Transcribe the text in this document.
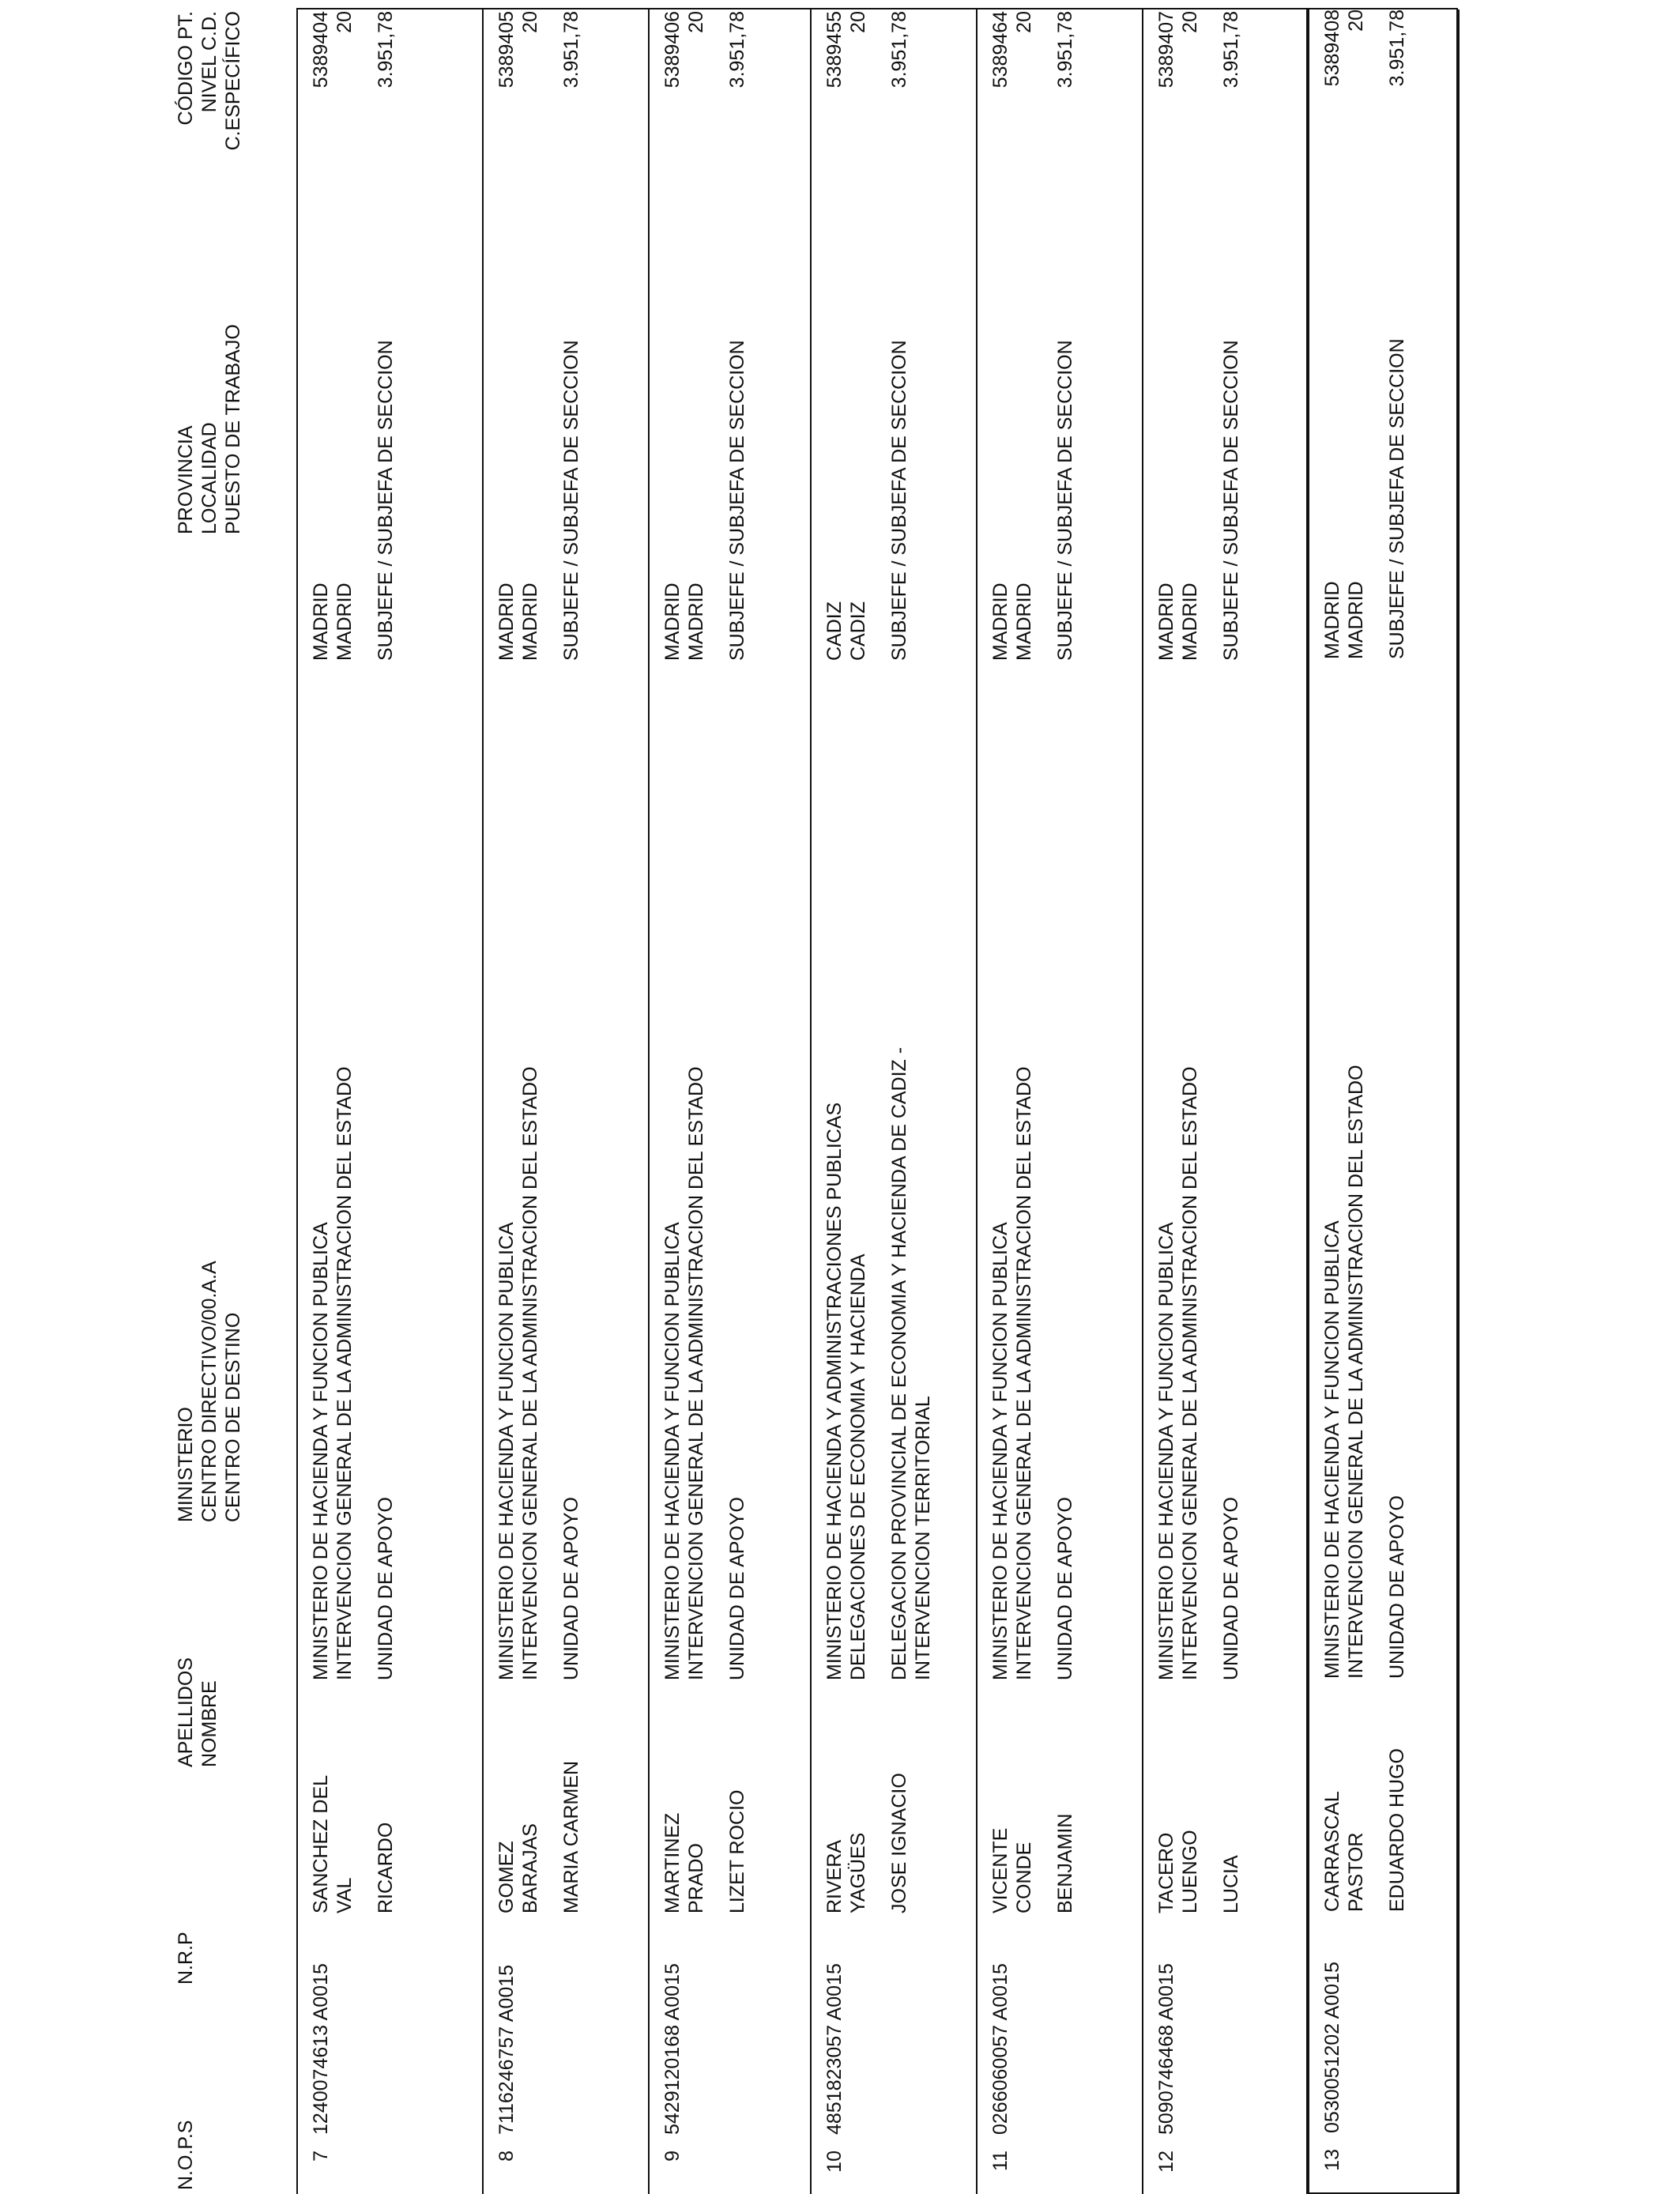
N.O.P.S
N.R.P
APELLIDOS NOMBRE
MINISTERIO CENTRO DIRECTIVO/00.A.A CENTRO DE DESTINO
PROVINCIA LOCALIDAD PUESTO DE TRABAJO
CÓDIGO PT. NIVEL C.D. C.ESPECÍFICO
7
1240074613 A0015
SANCHEZ DEL VAL RICARDO
MINISTERIO DE HACIENDA Y FUNCION PUBLICA INTERVENCION GENERAL DE LA ADMINISTRACION DEL ESTADO UNIDAD DE APOYO
MADRID MADRID SUBJEFE / SUBJEFA DE SECCION
5389404 20 3.951,78
8
7116246757 A0015
GOMEZ BARAJAS MARIA CARMEN
MINISTERIO DE HACIENDA Y FUNCION PUBLICA INTERVENCION GENERAL DE LA ADMINISTRACION DEL ESTADO UNIDAD DE APOYO
MADRID MADRID SUBJEFE / SUBJEFA DE SECCION
5389405 20 3.951,78
9
5429120168 A0015
MARTINEZ PRADO LIZET ROCIO
MINISTERIO DE HACIENDA Y FUNCION PUBLICA INTERVENCION GENERAL DE LA ADMINISTRACION DEL ESTADO UNIDAD DE APOYO
MADRID MADRID SUBJEFE / SUBJEFA DE SECCION
5389406 20 3.951,78
10
4851823057 A0015
RIVERA YAGÜES JOSE IGNACIO
MINISTERIO DE HACIENDA Y ADMINISTRACIONES PUBLICAS DELEGACIONES DE ECONOMIA Y HACIENDA DELEGACION PROVINCIAL DE ECONOMIA Y HACIENDA DE CADIZ - INTERVENCION TERRITORIAL
CADIZ CADIZ SUBJEFE / SUBJEFA DE SECCION
5389455 20 3.951,78
11
0266060057 A0015
VICENTE CONDE BENJAMIN
MINISTERIO DE HACIENDA Y FUNCION PUBLICA INTERVENCION GENERAL DE LA ADMINISTRACION DEL ESTADO UNIDAD DE APOYO
MADRID MADRID SUBJEFE / SUBJEFA DE SECCION
5389464 20 3.951,78
12
5090746468 A0015
TACERO LUENGO LUCIA
MINISTERIO DE HACIENDA Y FUNCION PUBLICA INTERVENCION GENERAL DE LA ADMINISTRACION DEL ESTADO UNIDAD DE APOYO
MADRID MADRID SUBJEFE / SUBJEFA DE SECCION
5389407 20 3.951,78
13
0530051202 A0015
CARRASCAL PASTOR EDUARDO HUGO
MINISTERIO DE HACIENDA Y FUNCION PUBLICA INTERVENCION GENERAL DE LA ADMINISTRACION DEL ESTADO UNIDAD DE APOYO
MADRID MADRID SUBJEFE / SUBJEFA DE SECCION
5389408 20 3.951,78
